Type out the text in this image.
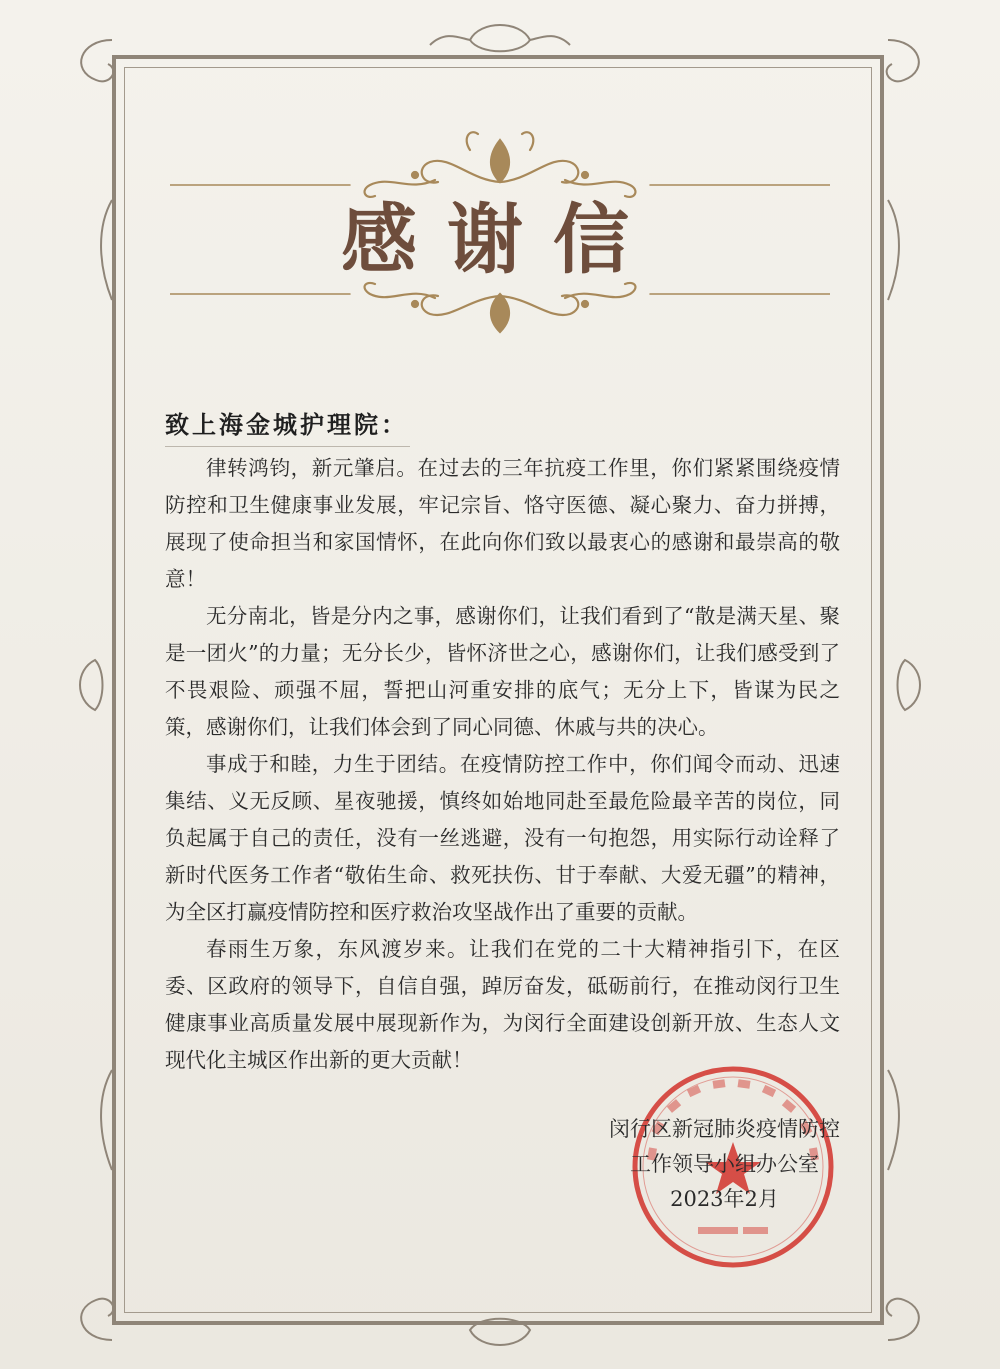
感谢信
致上海金城护理院：

律转鸿钧，新元肇启。在过去的三年抗疫工作里，你们紧紧围绕疫情防控和卫生健康事业发展，牢记宗旨、恪守医德、凝心聚力、奋力拼搏，展现了使命担当和家国情怀，在此向你们致以最衷心的感谢和最崇高的敬意！

无分南北，皆是分内之事，感谢你们，让我们看到了“散是满天星、聚是一团火”的力量；无分长少，皆怀济世之心，感谢你们，让我们感受到了不畏艰险、顽强不屈，誓把山河重安排的底气；无分上下，皆谋为民之策，感谢你们，让我们体会到了同心同德、休戚与共的决心。

事成于和睦，力生于团结。在疫情防控工作中，你们闻令而动、迅速集结、义无反顾、星夜驰援，慎终如始地同赴至最危险最辛苦的岗位，同负起属于自己的责任，没有一丝逃避，没有一句抱怨，用实际行动诠释了新时代医务工作者“敬佑生命、救死扶伤、甘于奉献、大爱无疆”的精神，为全区打赢疫情防控和医疗救治攻坚战作出了重要的贡献。

春雨生万象，东风渡岁来。让我们在党的二十大精神指引下，在区委、区政府的领导下，自信自强，踔厉奋发，砥砺前行，在推动闵行卫生健康事业高质量发展中展现新作为，为闵行全面建设创新开放、生态人文现代化主城区作出新的更大贡献！

闵行区新冠肺炎疫情防控
工作领导小组办公室
2023年2月
